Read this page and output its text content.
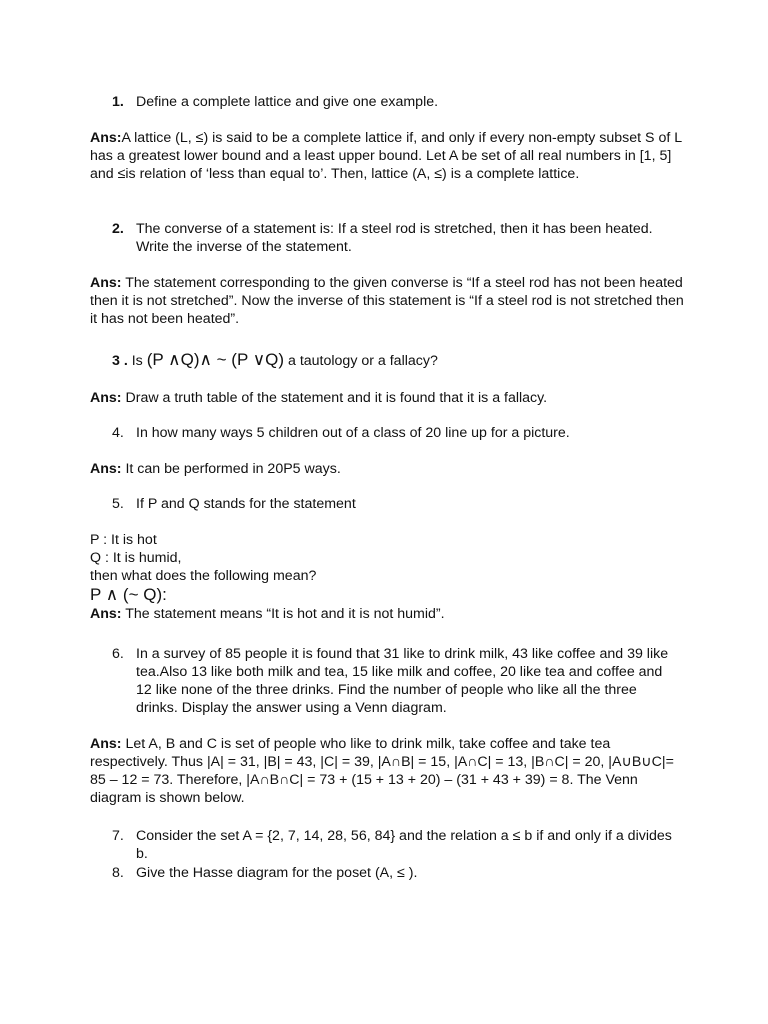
1. Define a complete lattice and give one example.
Ans:A lattice (L, ≤) is said to be a complete lattice if, and only if every non-empty subset S of L has a greatest lower bound and a least upper bound. Let A be set of all real numbers in [1, 5] and ≤is relation of ‘less than equal to’. Then, lattice (A, ≤) is a complete lattice.
2. The converse of a statement is: If a steel rod is stretched, then it has been heated. Write the inverse of the statement.
Ans: The statement corresponding to the given converse is “If a steel rod has not been heated then it is not stretched”. Now the inverse of this statement is “If a steel rod is not stretched then it has not been heated”.
3 . Is (P ∧Q)∧ ~ (P ∨Q) a tautology or a fallacy?
Ans: Draw a truth table of the statement and it is found that it is a fallacy.
4. In how many ways 5 children out of a class of 20 line up for a picture.
Ans: It can be performed in 20P5 ways.
5. If P and Q stands for the statement
P : It is hot
Q : It is humid,
then what does the following mean?
P ∧ (~ Q):
Ans: The statement means “It is hot and it is not humid”.
6. In a survey of 85 people it is found that 31 like to drink milk, 43 like coffee and 39 like tea.Also 13 like both milk and tea, 15 like milk and coffee, 20 like tea and coffee and 12 like none of the three drinks. Find the number of people who like all the three drinks. Display the answer using a Venn diagram.
Ans: Let A, B and C is set of people who like to drink milk, take coffee and take tea respectively. Thus |A| = 31, |B| = 43, |C| = 39, |A∩B| = 15, |A∩C| = 13, |B∩C| = 20, |A∪B∪C|= 85 – 12 = 73. Therefore, |A∩B∩C| = 73 + (15 + 13 + 20) – (31 + 43 + 39) = 8. The Venn diagram is shown below.
7. Consider the set A = {2, 7, 14, 28, 56, 84} and the relation a ≤ b if and only if a divides b.
8. Give the Hasse diagram for the poset (A, ≤ ).
